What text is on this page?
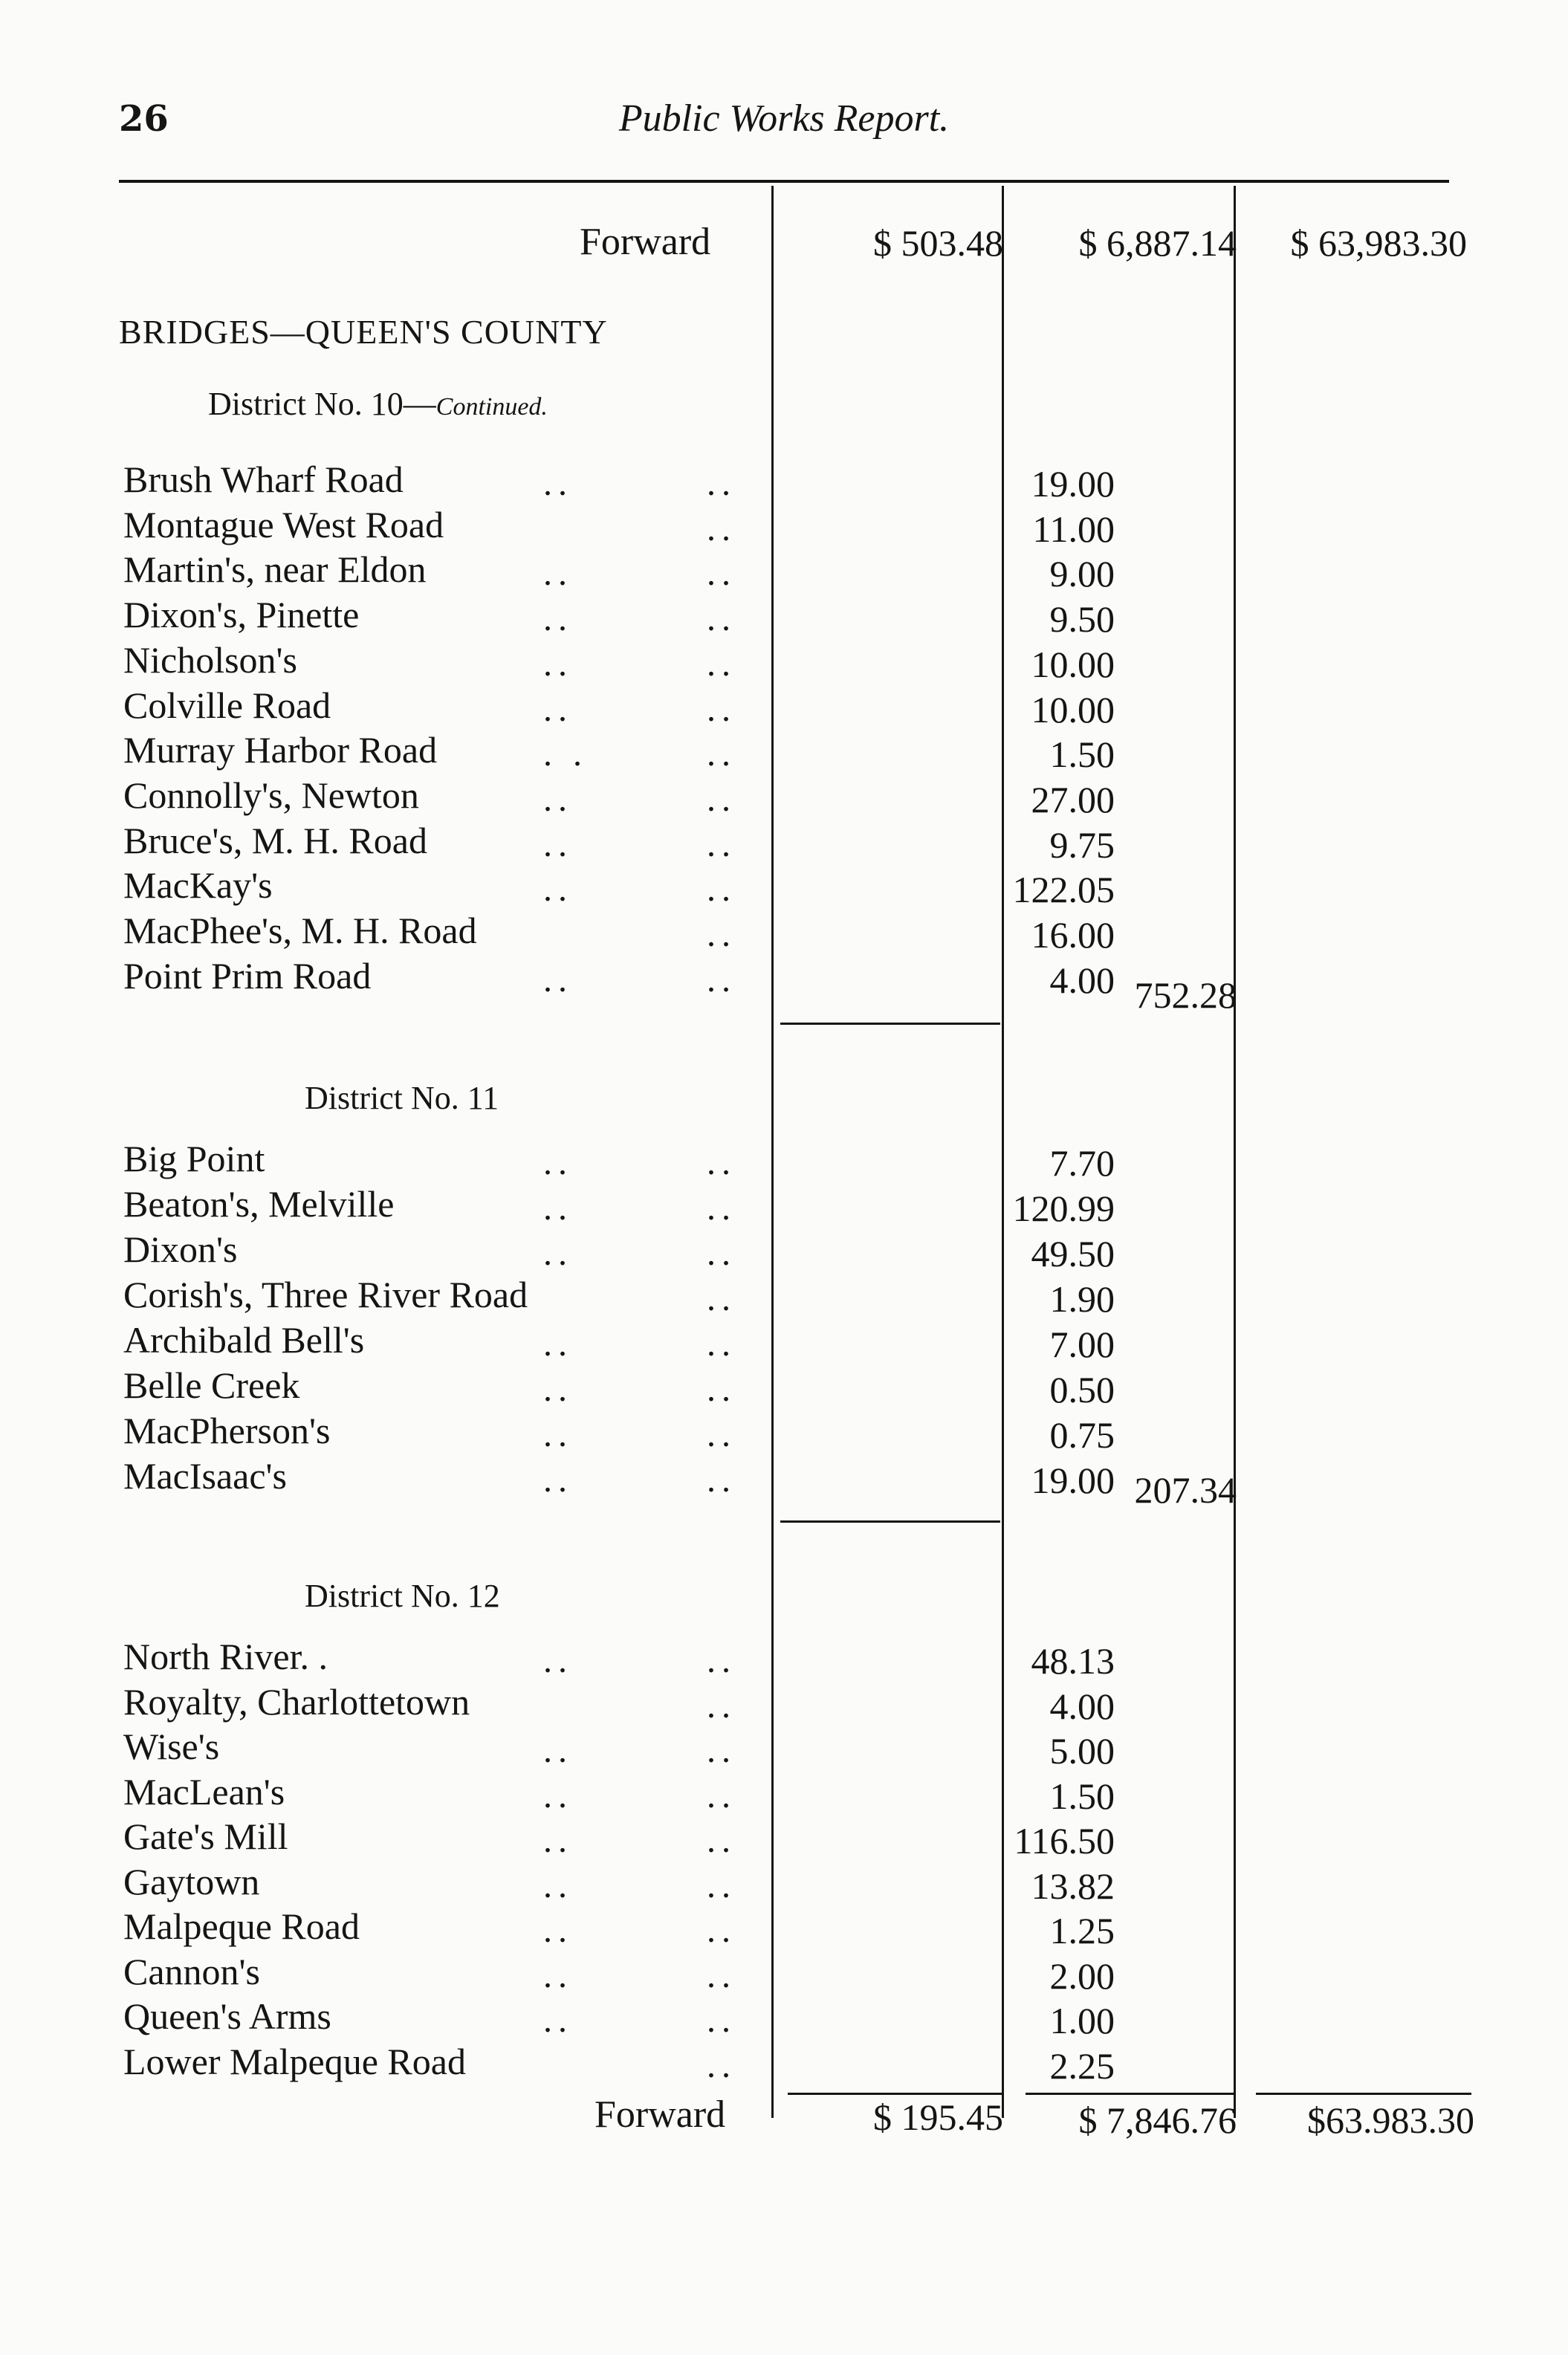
26	Public Works Report.
Forward	$ 503.48	$ 6,887.14	$ 63,983.30
BRIDGES—QUEEN'S COUNTY
District No. 10—Continued.
Brush Wharf Road	..	..	19.00
Montague West Road	..	11.00
Martin's, near Eldon	..	..	9.00
Dixon's, Pinette	..	..	9.50
Nicholson's	..	..	10.00
Colville Road	..	..	10.00
Murray Harbor Road	. .	..	1.50
Connolly's, Newton	..	..	27.00
Bruce's, M. H. Road	..	..	9.75
MacKay's	..	..	122.05
MacPhee's, M. H. Road	..	16.00
Point Prim Road	..	..	4.00 752.28
District No. 11
Big Point	..	..	7.70
Beaton's, Melville	..	..	120.99
Dixon's	..	..	49.50
Corish's, Three River Road	..	1.90
Archibald Bell's	..	..	7.00
Belle Creek	..	..	0.50
MacPherson's	..	..	0.75
MacIsaac's	..	..	19.00 207.34
District No. 12
North River. .	..	..	48.13
Royalty, Charlottetown	..	4.00
Wise's	..	..	5.00
MacLean's	..	..	1.50
Gate's Mill	..	..	116.50
Gaytown	..	..	13.82
Malpeque Road	..	..	1.25
Cannon's	..	..	2.00
Queen's Arms	..	..	1.00
Lower Malpeque Road	..	2.25
Forward	$ 195.45	$ 7,846.76	$63.983.30
